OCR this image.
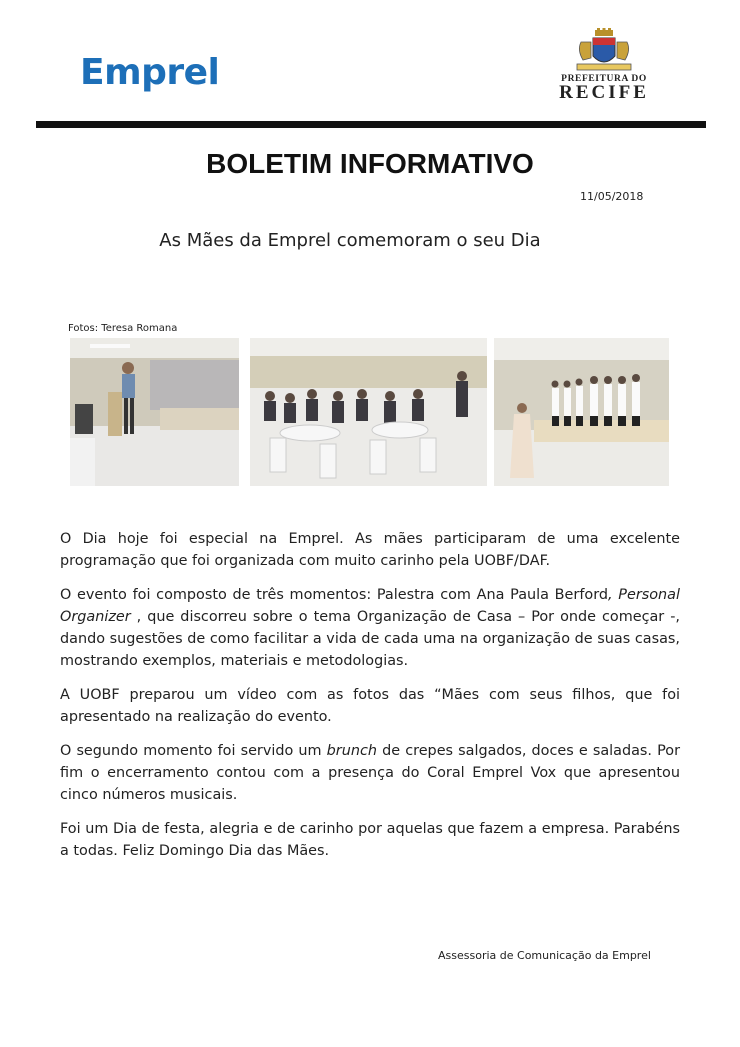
Emprel	PREFEITURA DO
RECIFE
BOLETIM INFORMATIVO
11/05/2018
As Mães da Emprel comemoram o seu Dia
Fotos: Teresa Romana

O Dia hoje foi especial na Emprel. As mães participaram de uma excelente programação que foi organizada com muito carinho pela UOBF/DAF.

O evento foi composto de três momentos: Palestra com Ana Paula Berford, Personal Organizer , que discorreu sobre o tema Organização de Casa – Por onde começar -, dando sugestões de como facilitar a vida de cada uma na organização de suas casas, mostrando exemplos, materiais e metodologias.

A UOBF preparou um vídeo com as fotos das “Mães com seus filhos, que foi apresentado na realização do evento.

O segundo momento foi servido um brunch de crepes salgados, doces e saladas. Por fim o encerramento contou com a presença do Coral Emprel Vox que apresentou cinco números musicais.

Foi um Dia de festa, alegria e de carinho por aquelas que fazem a empresa. Parabéns a todas. Feliz Domingo Dia das Mães.

Assessoria de Comunicação da Emprel
